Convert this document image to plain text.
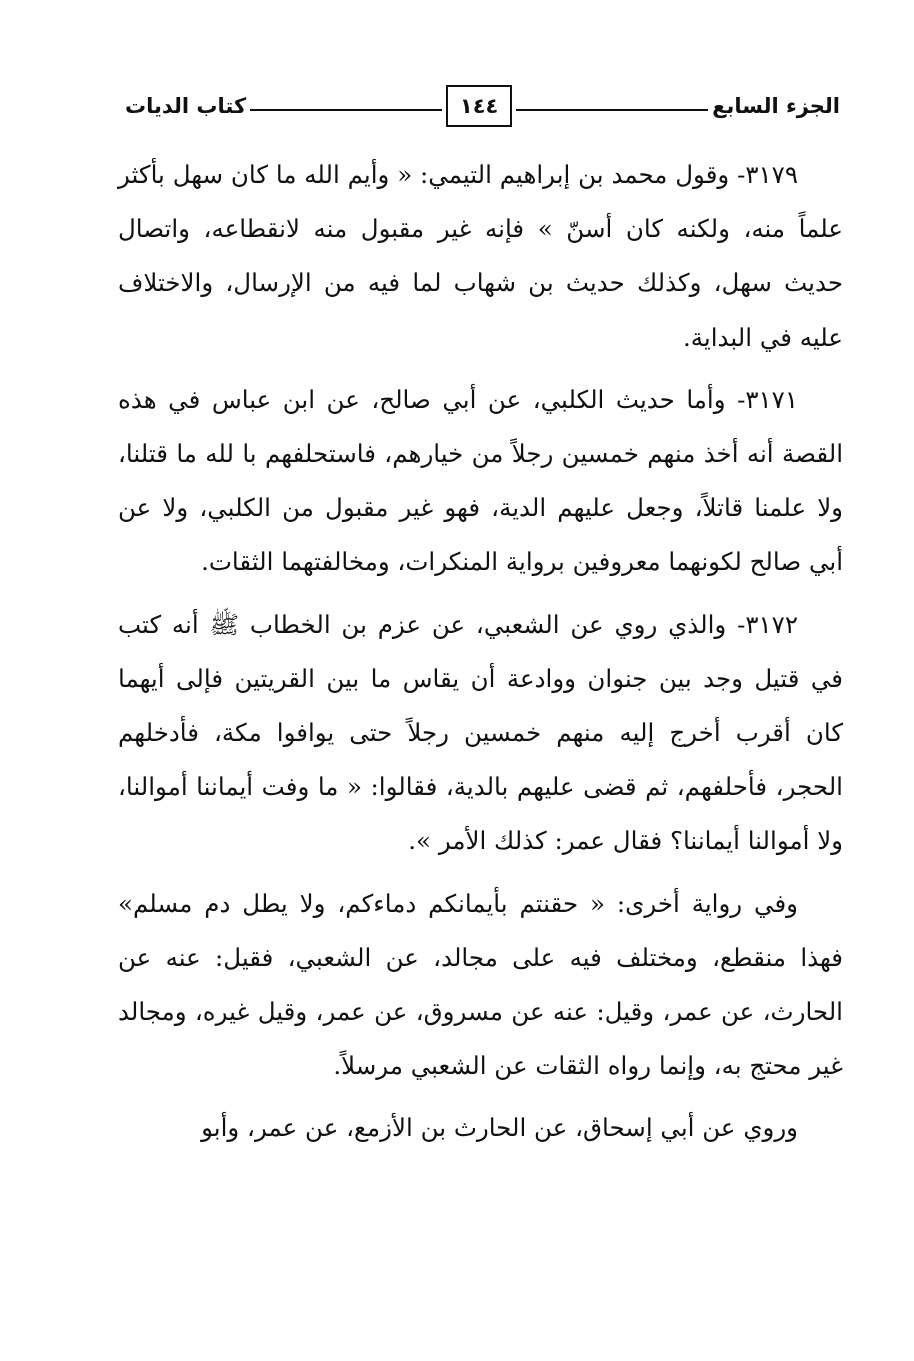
الجزء السابع
١٤٤
كتاب الديات

٣١٧٩- وقول محمد بن إبراهيم التيمي: « وأيم الله ما كان سهل بأكثر علماً منه، ولكنه كان أسنّ » فإنه غير مقبول منه لانقطاعه، واتصال حديث سهل، وكذلك حديث بن شهاب لما فيه من الإرسال، والاختلاف عليه في البداية.

٣١٧١- وأما حديث الكلبي، عن أبي صالح، عن ابن عباس في هذه القصة أنه أخذ منهم خمسين رجلاً من خيارهم، فاستحلفهم با لله ما قتلنا، ولا علمنا قاتلاً، وجعل عليهم الدية، فهو غير مقبول من الكلبي، ولا عن أبي صالح لكونهما معروفين برواية المنكرات، ومخالفتهما الثقات.

٣١٧٢- والذي روي عن الشعبي، عن عزم بن الخطاب ﷺ أنه كتب في قتيل وجد بين جنوان ووادعة أن يقاس ما بين القريتين فإلى أيهما كان أقرب أخرج إليه منهم خمسين رجلاً حتى يوافوا مكة، فأدخلهم الحجر، فأحلفهم، ثم قضى عليهم بالدية، فقالوا: « ما وفت أيماننا أموالنا، ولا أموالنا أيماننا؟ فقال عمر: كذلك الأمر ».

وفي رواية أخرى: « حقنتم بأيمانكم دماءكم، ولا يطل دم مسلم» فهذا منقطع، ومختلف فيه على مجالد، عن الشعبي، فقيل: عنه عن الحارث، عن عمر، وقيل: عنه عن مسروق، عن عمر، وقيل غيره، ومجالد غير محتج به، وإنما رواه الثقات عن الشعبي مرسلاً.

وروي عن أبي إسحاق، عن الحارث بن الأزمع، عن عمر، وأبو
